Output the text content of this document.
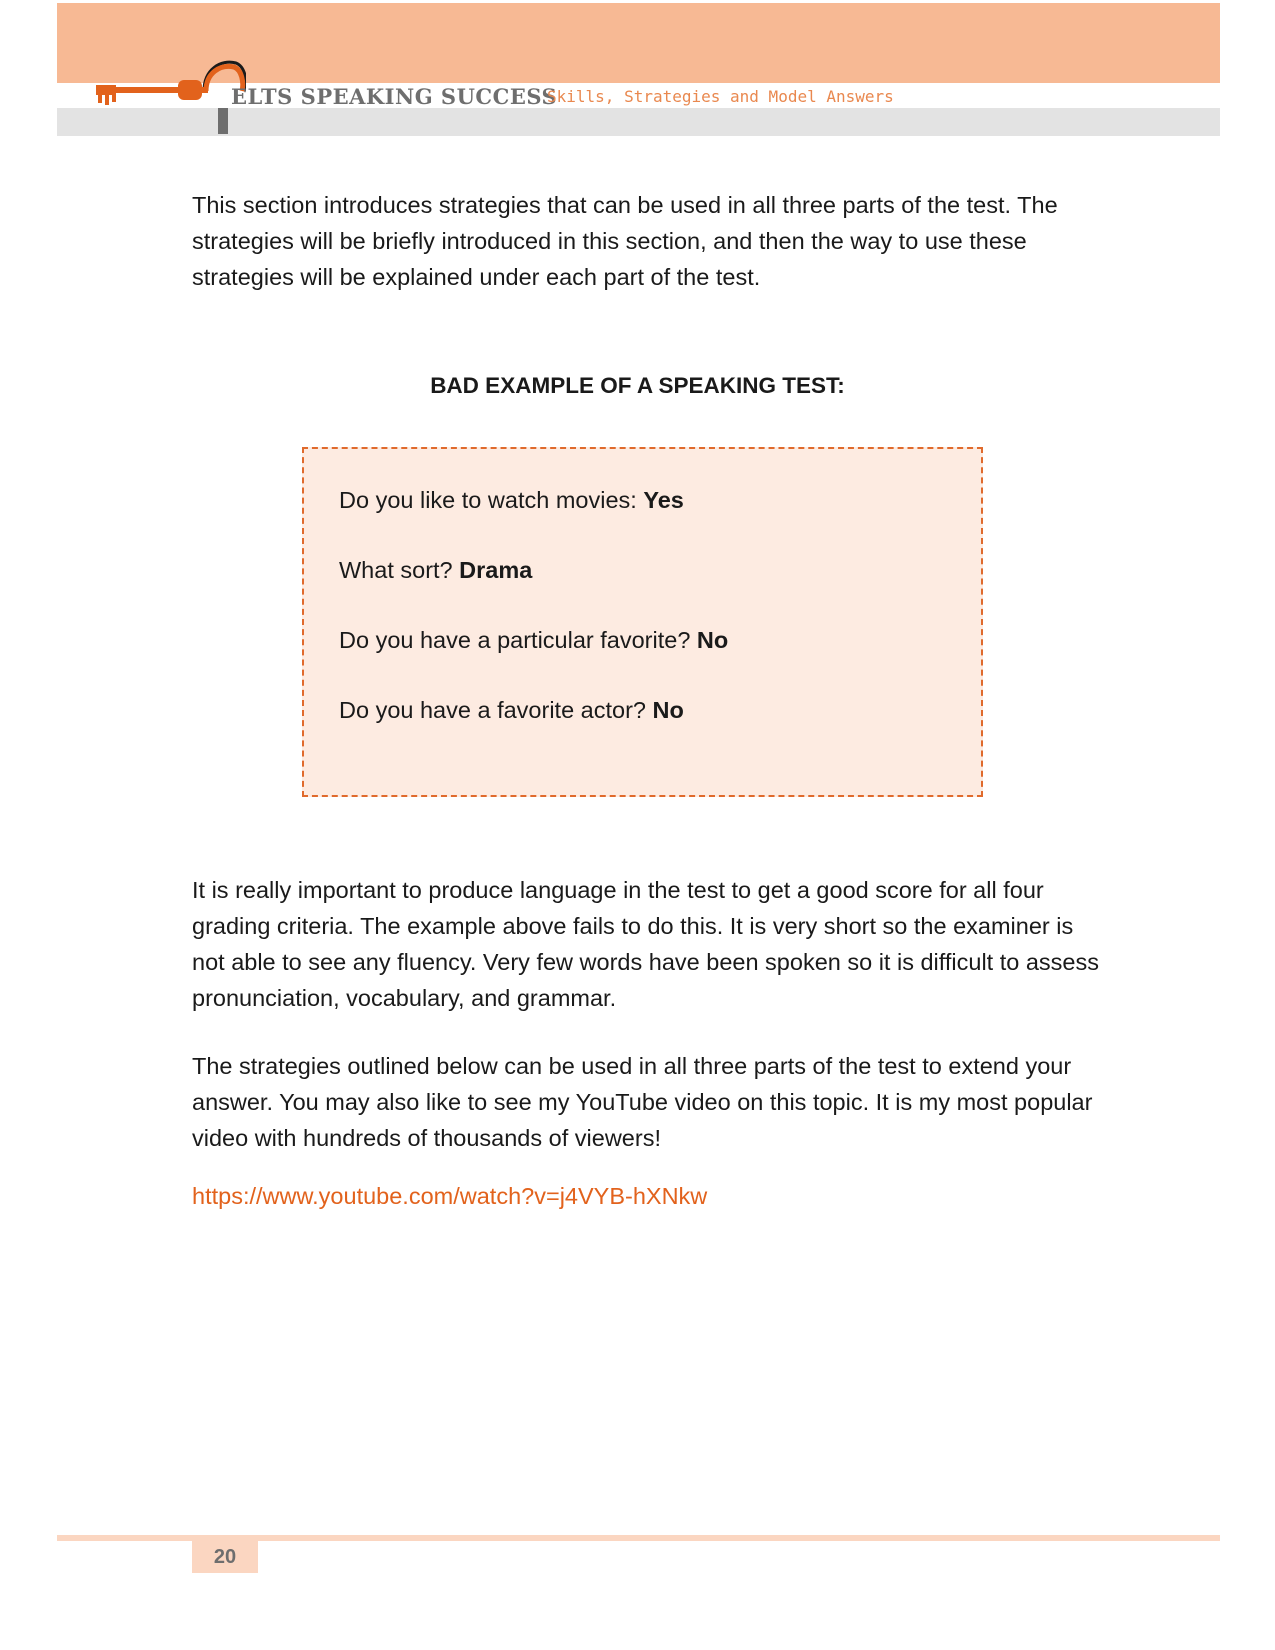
ELTS SPEAKING SUCCESS
Skills, Strategies and Model Answers

This section introduces strategies that can be used in all three parts of the test. The strategies will be briefly introduced in this section, and then the way to use these strategies will be explained under each part of the test.

BAD EXAMPLE OF A SPEAKING TEST:
Do you like to watch movies: Yes
What sort? Drama
Do you have a particular favorite? No
Do you have a favorite actor? No

It is really important to produce language in the test to get a good score for all four grading criteria. The example above fails to do this. It is very short so the examiner is not able to see any fluency. Very few words have been spoken so it is difficult to assess pronunciation, vocabulary, and grammar.

The strategies outlined below can be used in all three parts of the test to extend your answer. You may also like to see my YouTube video on this topic. It is my most popular video with hundreds of thousands of viewers!

https://www.youtube.com/watch?v=j4VYB-hXNkw
20
